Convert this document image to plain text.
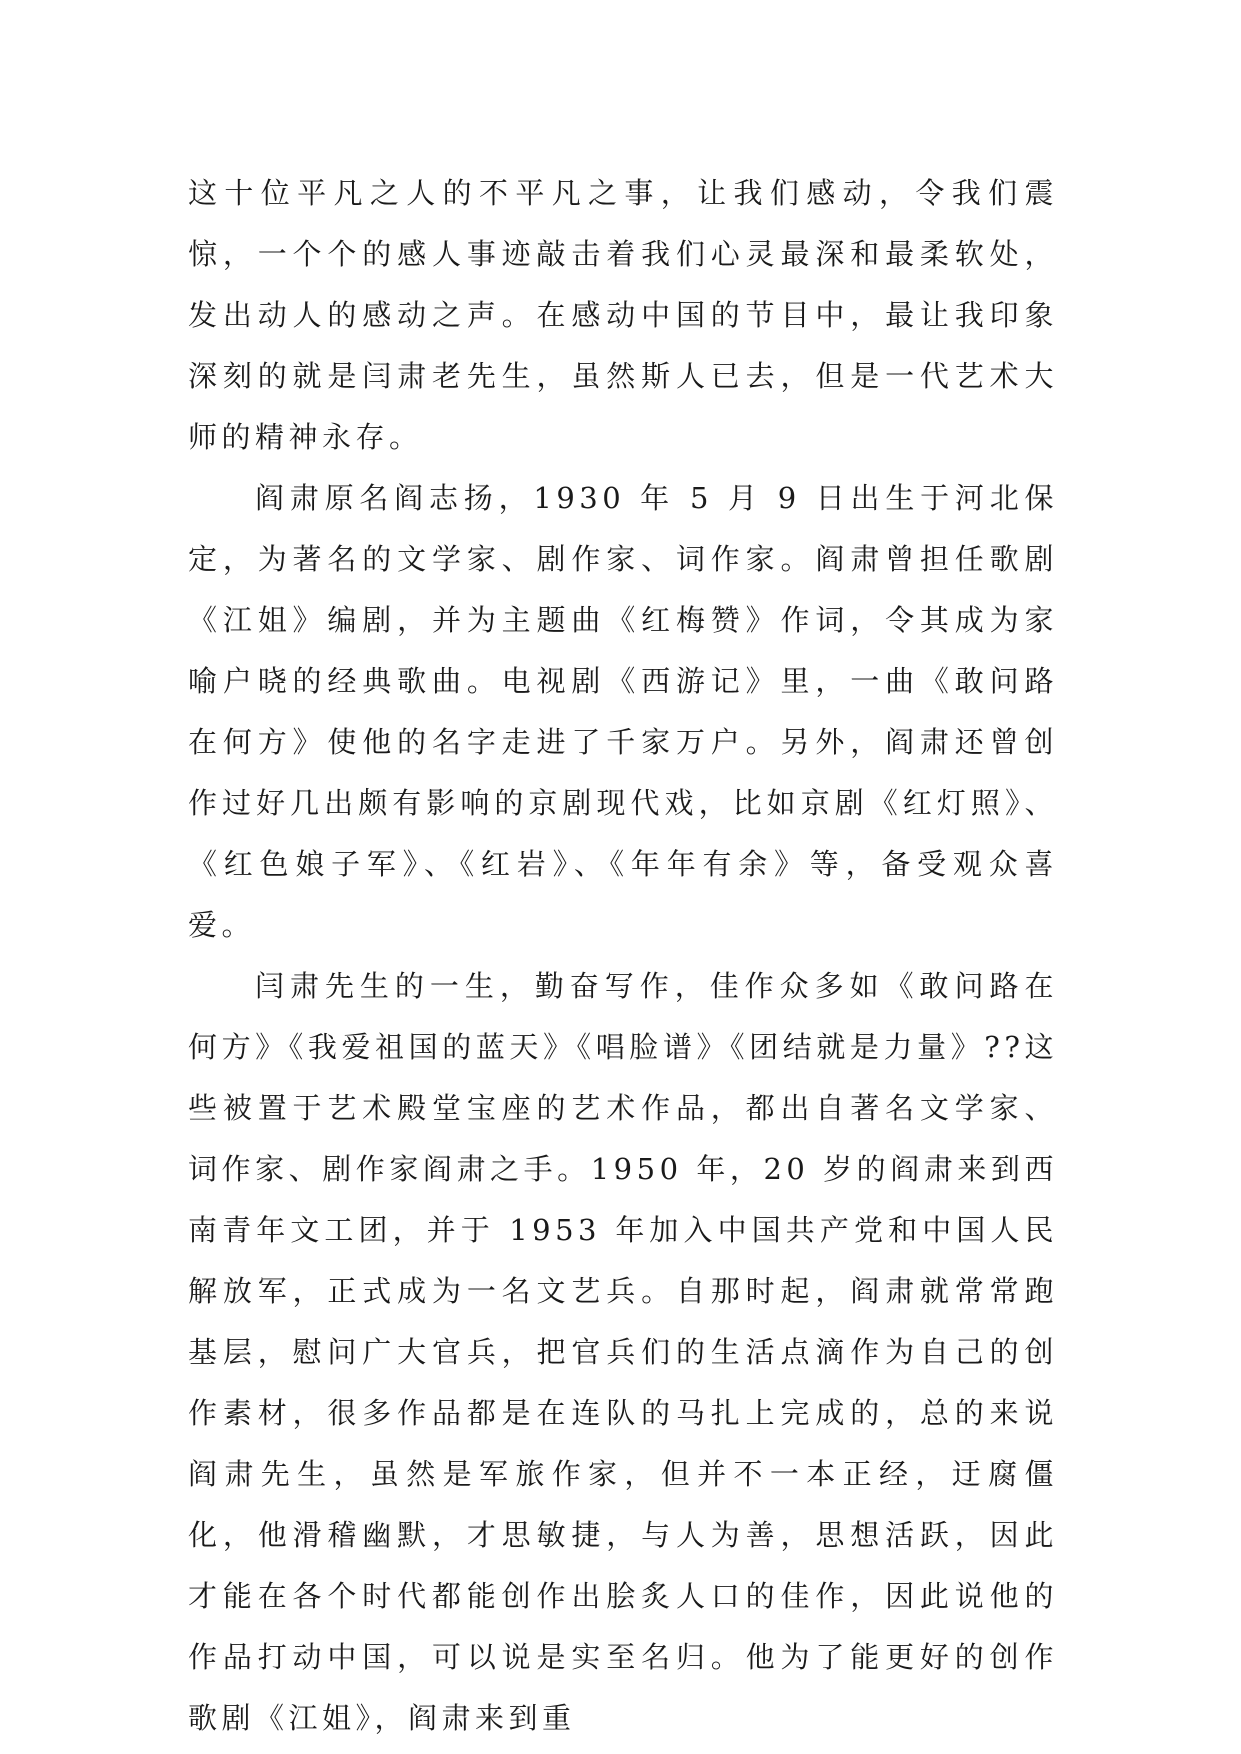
这十位平凡之人的不平凡之事，让我们感动，令我们震惊，一个个的感人事迹敲击着我们心灵最深和最柔软处，发出动人的感动之声。在感动中国的节目中，最让我印象深刻的就是闫肃老先生，虽然斯人已去，但是一代艺术大师的精神永存。

阎肃原名阎志扬，1930 年 5 月 9 日出生于河北保定，为著名的文学家、剧作家、词作家。阎肃曾担任歌剧《江姐》编剧，并为主题曲《红梅赞》作词，令其成为家喻户晓的经典歌曲。电视剧《西游记》里，一曲《敢问路在何方》使他的名字走进了千家万户。另外，阎肃还曾创作过好几出颇有影响的京剧现代戏，比如京剧《红灯照》、《红色娘子军》、《红岩》、《年年有余》等，备受观众喜爱。

闫肃先生的一生，勤奋写作，佳作众多如《敢问路在何方》《我爱祖国的蓝天》《唱脸谱》《团结就是力量》??这些被置于艺术殿堂宝座的艺术作品，都出自著名文学家、词作家、剧作家阎肃之手。1950 年，20 岁的阎肃来到西南青年文工团，并于 1953 年加入中国共产党和中国人民解放军，正式成为一名文艺兵。自那时起，阎肃就常常跑基层，慰问广大官兵，把官兵们的生活点滴作为自己的创作素材，很多作品都是在连队的马扎上完成的，总的来说阎肃先生，虽然是军旅作家，但并不一本正经，迂腐僵化，他滑稽幽默，才思敏捷，与人为善，思想活跃，因此才能在各个时代都能创作出脍炙人口的佳作，因此说他的作品打动中国，可以说是实至名归。他为了能更好的创作歌剧《江姐》，阎肃来到重
